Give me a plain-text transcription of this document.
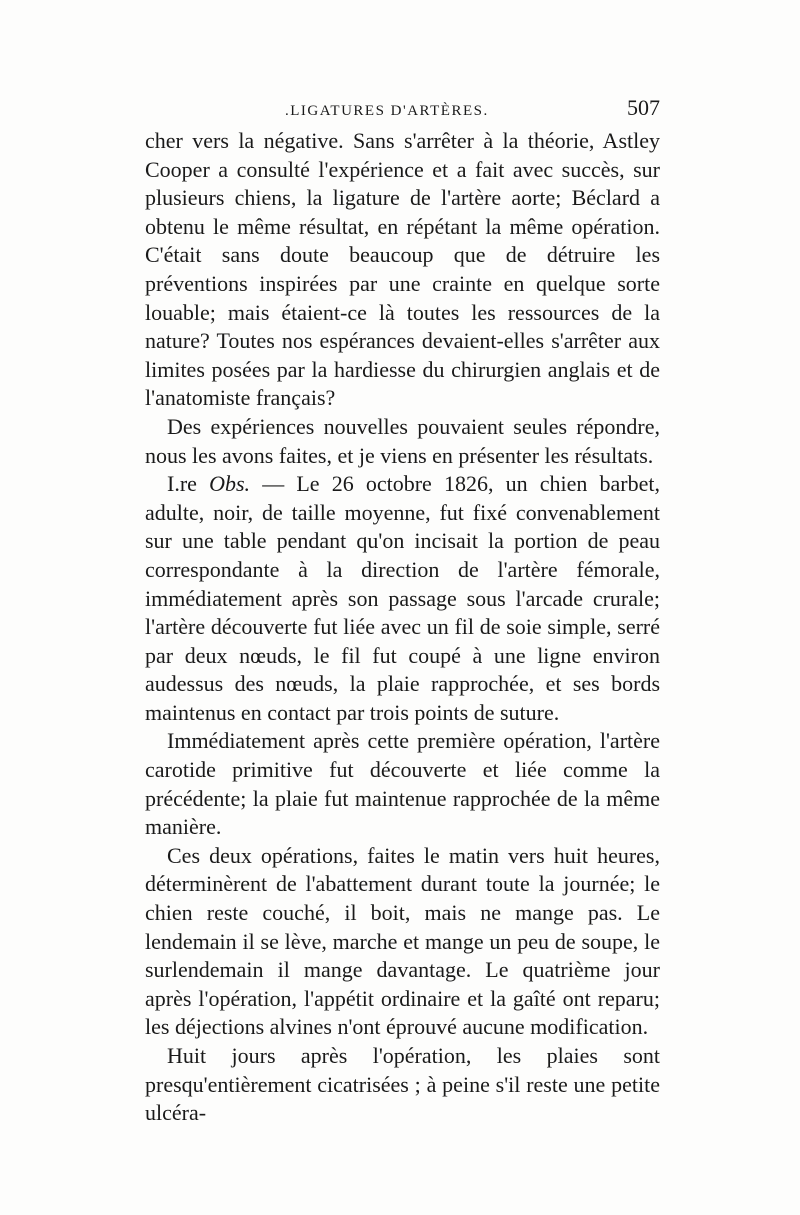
.LIGATURES D'ARTÈRES.	507

cher vers la négative. Sans s'arrêter à la théorie, Astley Cooper a consulté l'expérience et a fait avec succès, sur plusieurs chiens, la ligature de l'artère aorte; Béclard a obtenu le même résultat, en répétant la même opération. C'était sans doute beaucoup que de détruire les préventions inspirées par une crainte en quelque sorte louable; mais étaient-ce là toutes les ressources de la nature? Toutes nos espérances devaient-elles s'arrêter aux limites posées par la hardiesse du chirurgien anglais et de l'anatomiste français?

Des expériences nouvelles pouvaient seules répondre, nous les avons faites, et je viens en présenter les résultats.

I.re Obs. — Le 26 octobre 1826, un chien barbet, adulte, noir, de taille moyenne, fut fixé convenablement sur une table pendant qu'on incisait la portion de peau correspondante à la direction de l'artère fémorale, immédiatement après son passage sous l'arcade crurale; l'artère découverte fut liée avec un fil de soie simple, serré par deux nœuds, le fil fut coupé à une ligne environ audessus des nœuds, la plaie rapprochée, et ses bords maintenus en contact par trois points de suture.

Immédiatement après cette première opération, l'artère carotide primitive fut découverte et liée comme la précédente; la plaie fut maintenue rapprochée de la même manière.

Ces deux opérations, faites le matin vers huit heures, déterminèrent de l'abattement durant toute la journée; le chien reste couché, il boit, mais ne mange pas. Le lendemain il se lève, marche et mange un peu de soupe, le surlendemain il mange davantage. Le quatrième jour après l'opération, l'appétit ordinaire et la gaîté ont reparu; les déjections alvines n'ont éprouvé aucune modification.

Huit jours après l'opération, les plaies sont presqu'entièrement cicatrisées ; à peine s'il reste une petite ulcéra-
